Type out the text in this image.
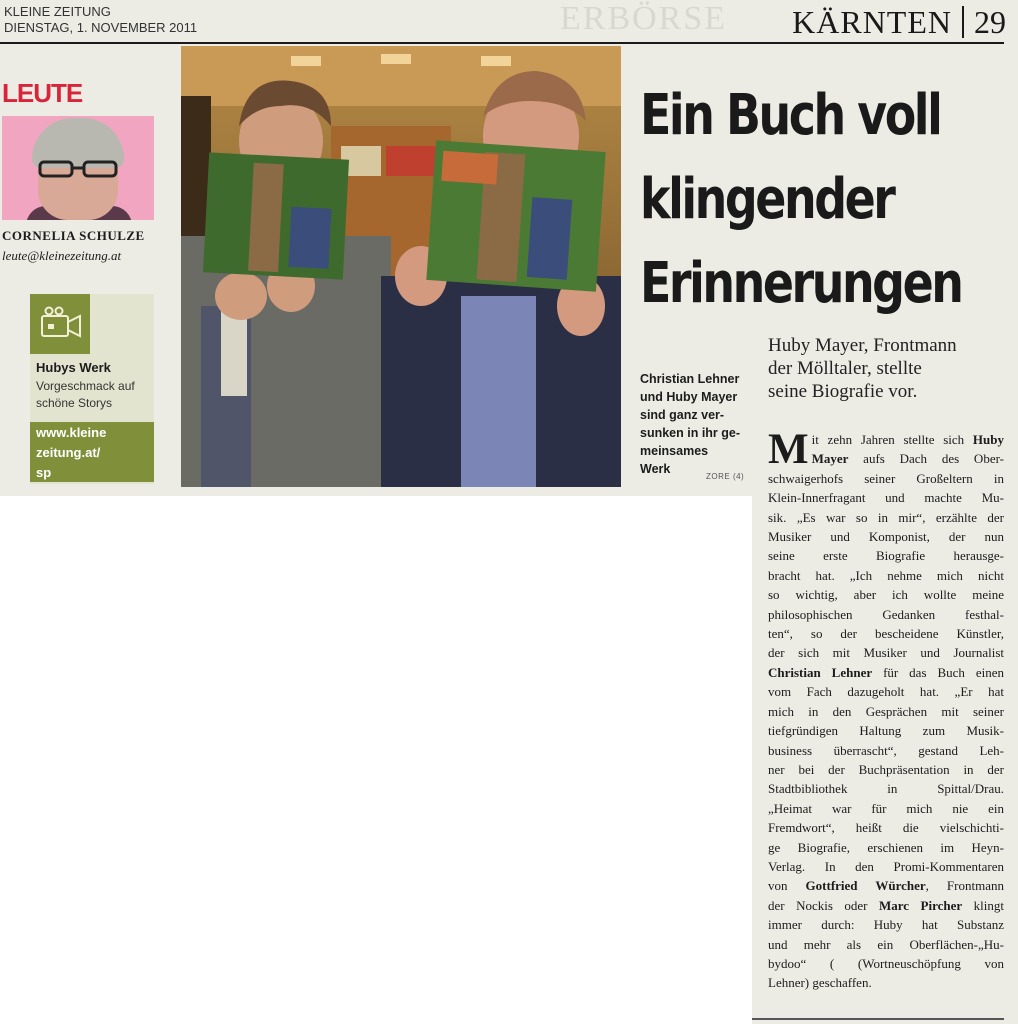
ERBÖRSE
KLEINE ZEITUNG
DIENSTAG, 1. NOVEMBER 2011	KÄRNTEN 29
LEUTE
CORNELIA SCHULZE
leute@kleinezeitung.at
Hubys Werk
Vorgeschmack auf
schöne Storys
www.kleine
zeitung.at/
sp
Ein Buch voll
klingender
Erinnerungen
Christian Lehner
und Huby Mayer
sind ganz ver-
sunken in ihr ge-
meinsames
Werk
ZORE (4)
Huby Mayer, Frontmann
der Mölltaler, stellte
seine Biografie vor.
M it zehn Jahren stellte sich Huby
Mayer aufs Dach des Ober-
schwaigerhofs seiner Großeltern in
Klein-Innerfragant und machte Mu-
sik. „Es war so in mir“, erzählte der
Musiker und Komponist, der nun
seine erste Biografie herausge-
bracht hat. „Ich nehme mich nicht
so wichtig, aber ich wollte meine
philosophischen Gedanken festhal-
ten“, so der bescheidene Künstler,
der sich mit Musiker und Journalist
Christian Lehner für das Buch einen
vom Fach dazugeholt hat. „Er hat
mich in den Gesprächen mit seiner
tiefgründigen Haltung zum Musik-
business überrascht“, gestand Leh-
ner bei der Buchpräsentation in der
Stadtbibliothek in Spittal/Drau.
„Heimat war für mich nie ein
Fremdwort“, heißt die vielschichti-
ge Biografie, erschienen im Heyn-
Verlag. In den Promi-Kommentaren
von Gottfried Würcher, Frontmann
der Nockis oder Marc Pircher klingt
immer durch: Huby hat Substanz
und mehr als ein Oberflächen-„Hu-
bydoo“ ( (Wortneuschöpfung von
Lehner) geschaffen.
